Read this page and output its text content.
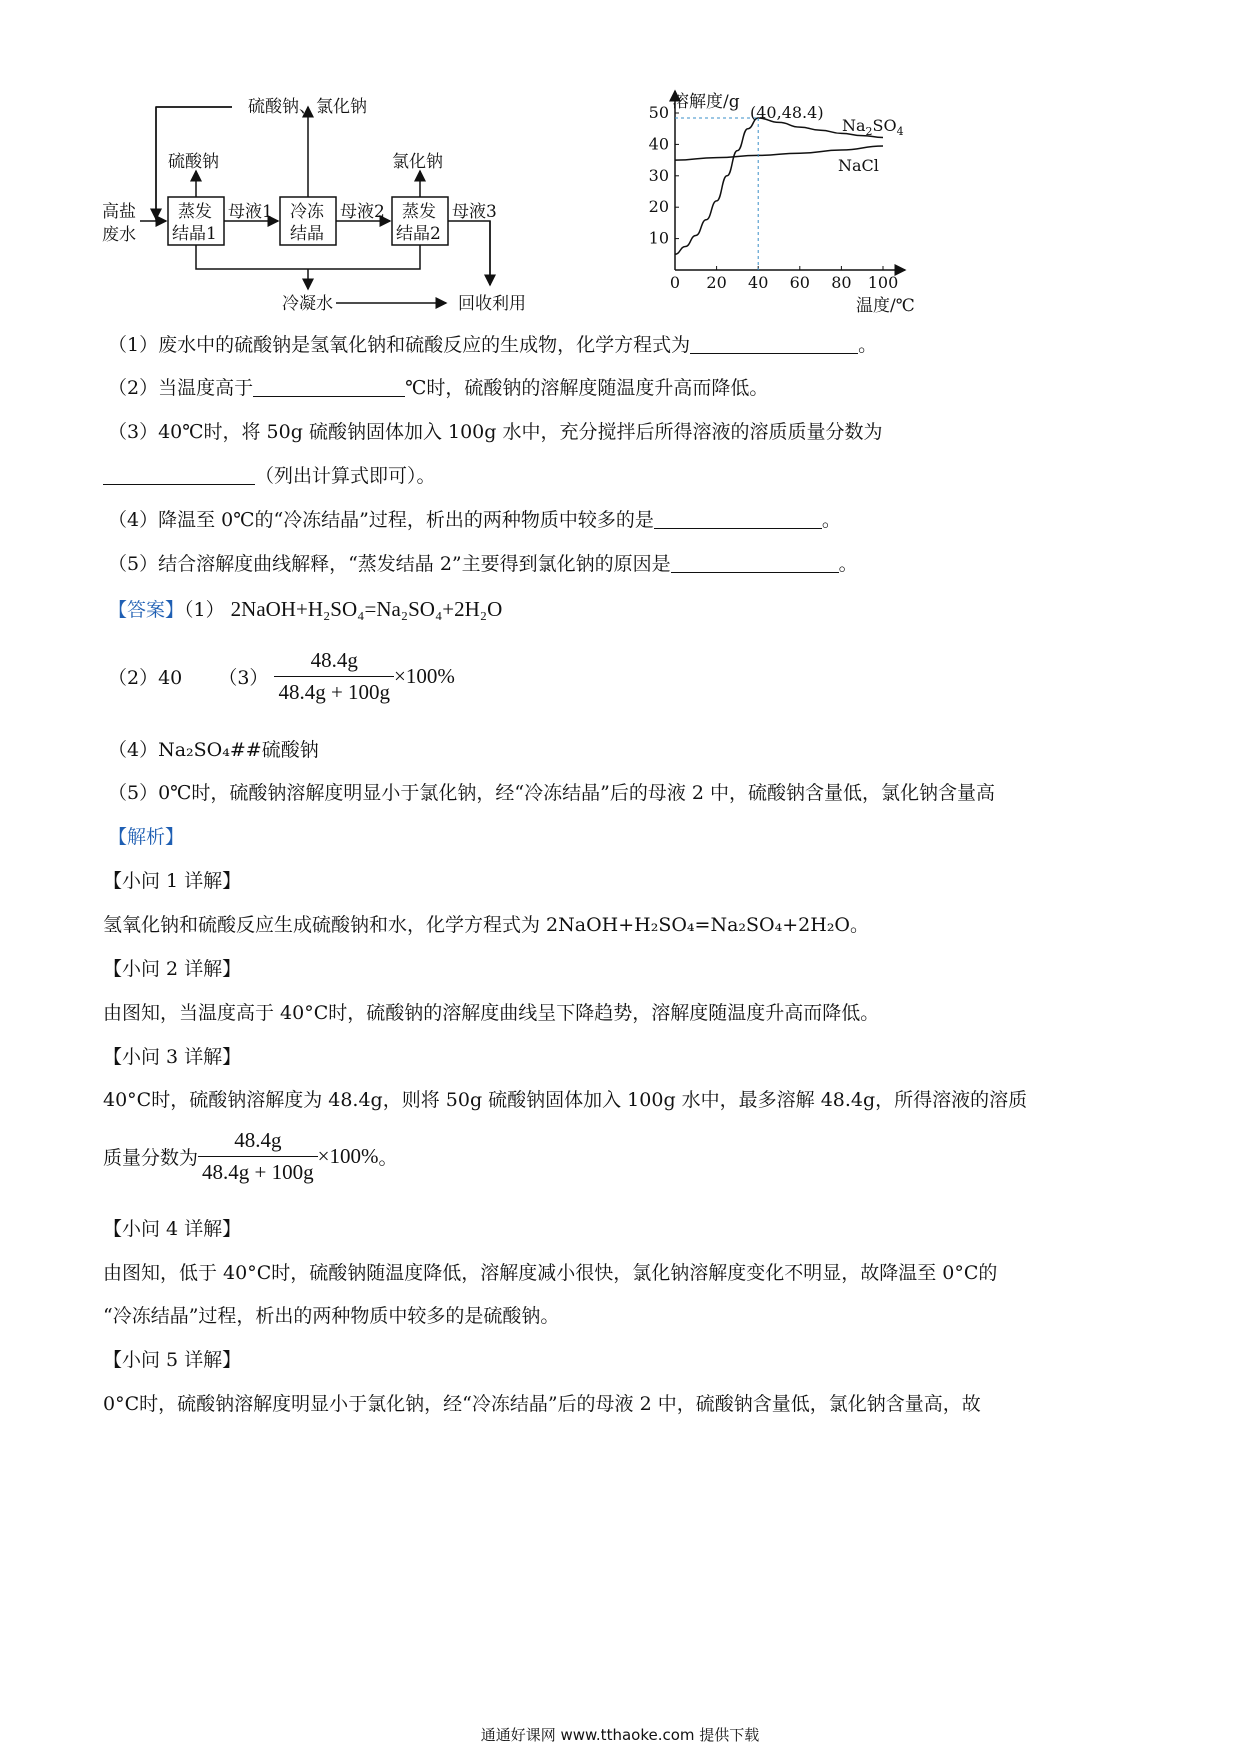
硫酸钠、氯化钠
硫酸钠	氯化钠
高盐
废水
蒸发
结晶1
冷冻
结晶
蒸发
结晶2
母液1	母液2	母液3
冷凝水	回收利用
0 20 40 60 80 100
10
20
30
40
50
溶解度/g
温度/℃
(40,48.4)
$Na_2SO_4$
NaCl
（1）废水中的硫酸钠是氢氧化钠和硫酸反应的生成物，化学方程式为	。
（2）当温度高于	℃时，硫酸钠的溶解度随温度升高而降低。
（3）40℃时，将 50g 硫酸钠固体加入 100g 水中，充分搅拌后所得溶液的溶质质量分数为
（列出计算式即可）。
（4）降温至 0℃的“冷冻结晶”过程，析出的两种物质中较多的是	。
（5）结合溶解度曲线解释，“蒸发结晶 2”主要得到氯化钠的原因是	。
【答案】（1） 2NaOH+H₂SO₄=Na₂SO₄+2H₂O
（2）40 $(3) \frac{48.4g}{48.4g + 100g} \times 100\%$
（4）Na₂SO₄##硫酸钠
（5）0℃时，硫酸钠溶解度明显小于氯化钠，经“冷冻结晶”后的母液 2 中，硫酸钠含量低，氯化钠含量高
【解析】
【小问 1 详解】
氢氧化钠和硫酸反应生成硫酸钠和水，化学方程式为 2NaOH+H₂SO₄=Na₂SO₄+2H₂O。
【小问 2 详解】
由图知，当温度高于 40°C时，硫酸钠的溶解度曲线呈下降趋势，溶解度随温度升高而降低。
【小问 3 详解】
40°C时，硫酸钠溶解度为 48.4g，则将 50g 硫酸钠固体加入 100g 水中，最多溶解 48.4g，所得溶液的溶质
质量分数为 $\frac{48.4g}{48.4g + 100g} \times 100\%$。
【小问 4 详解】
由图知，低于 40°C时，硫酸钠随温度降低，溶解度减小很快，氯化钠溶解度变化不明显，故降温至 0°C的
“冷冻结晶”过程，析出的两种物质中较多的是硫酸钠。
【小问 5 详解】
0°C时，硫酸钠溶解度明显小于氯化钠，经“冷冻结晶”后的母液 2 中，硫酸钠含量低，氯化钠含量高，故
通通好课网 www.tthaoke.com 提供下载
